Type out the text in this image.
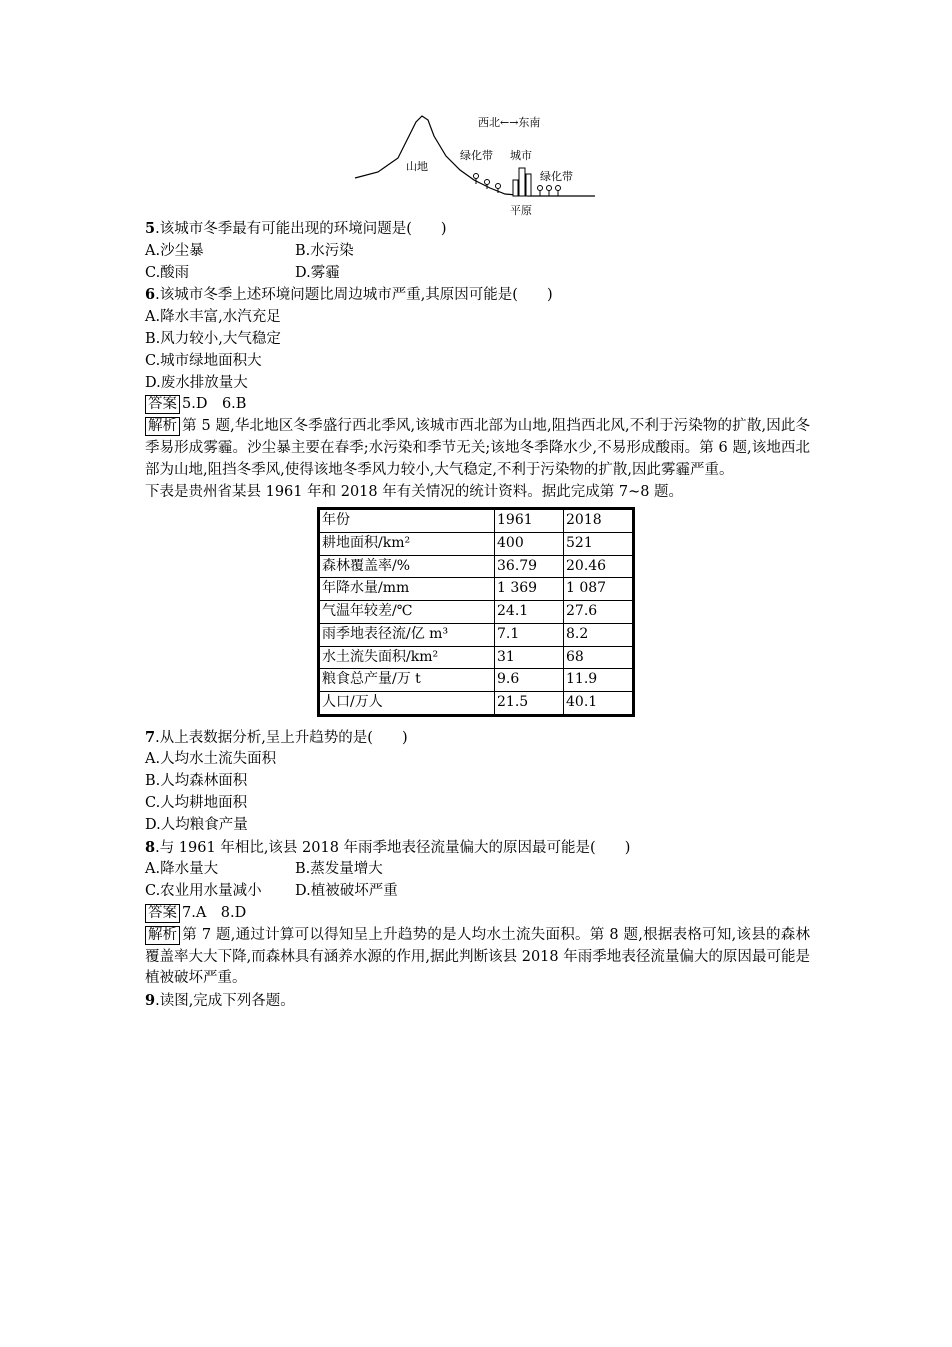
西北←→东南
山地
绿化带 城市
绿化带
平原
5.该城市冬季最有可能出现的环境问题是(　　)
A.沙尘暴	B.水污染
C.酸雨	D.雾霾
6.该城市冬季上述环境问题比周边城市严重,其原因可能是(　　)
A.降水丰富,水汽充足
B.风力较小,大气稳定
C.城市绿地面积大
D.废水排放量大
答案 5.D　6.B
解析 第 5 题,华北地区冬季盛行西北季风,该城市西北部为山地,阻挡西北风,不利于污染物的扩散,因此冬季易形成雾霾。沙尘暴主要在春季;水污染和季节无关;该地冬季降水少,不易形成酸雨。第 6 题,该地西北部为山地,阻挡冬季风,使得该地冬季风力较小,大气稳定,不利于污染物的扩散,因此雾霾严重。
下表是贵州省某县 1961 年和 2018 年有关情况的统计资料。据此完成第 7~8 题。
年份	1961	2018
耕地面积/km²	400	521
森林覆盖率/%	36.79	20.46
年降水量/mm	1 369	1 087
气温年较差/℃	24.1	27.6
雨季地表径流/亿 m³	7.1	8.2
水土流失面积/km²	31	68
粮食总产量/万 t	9.6	11.9
人口/万人	21.5	40.1
7.从上表数据分析,呈上升趋势的是(　　)
A.人均水土流失面积
B.人均森林面积
C.人均耕地面积
D.人均粮食产量
8.与 1961 年相比,该县 2018 年雨季地表径流量偏大的原因最可能是(　　)
A.降水量大	B.蒸发量增大
C.农业用水量减小 D.植被破坏严重
答案 7.A　8.D
解析 第 7 题,通过计算可以得知呈上升趋势的是人均水土流失面积。第 8 题,根据表格可知,该县的森林覆盖率大大下降,而森林具有涵养水源的作用,据此判断该县 2018 年雨季地表径流量偏大的原因最可能是植被破坏严重。
9.读图,完成下列各题。
